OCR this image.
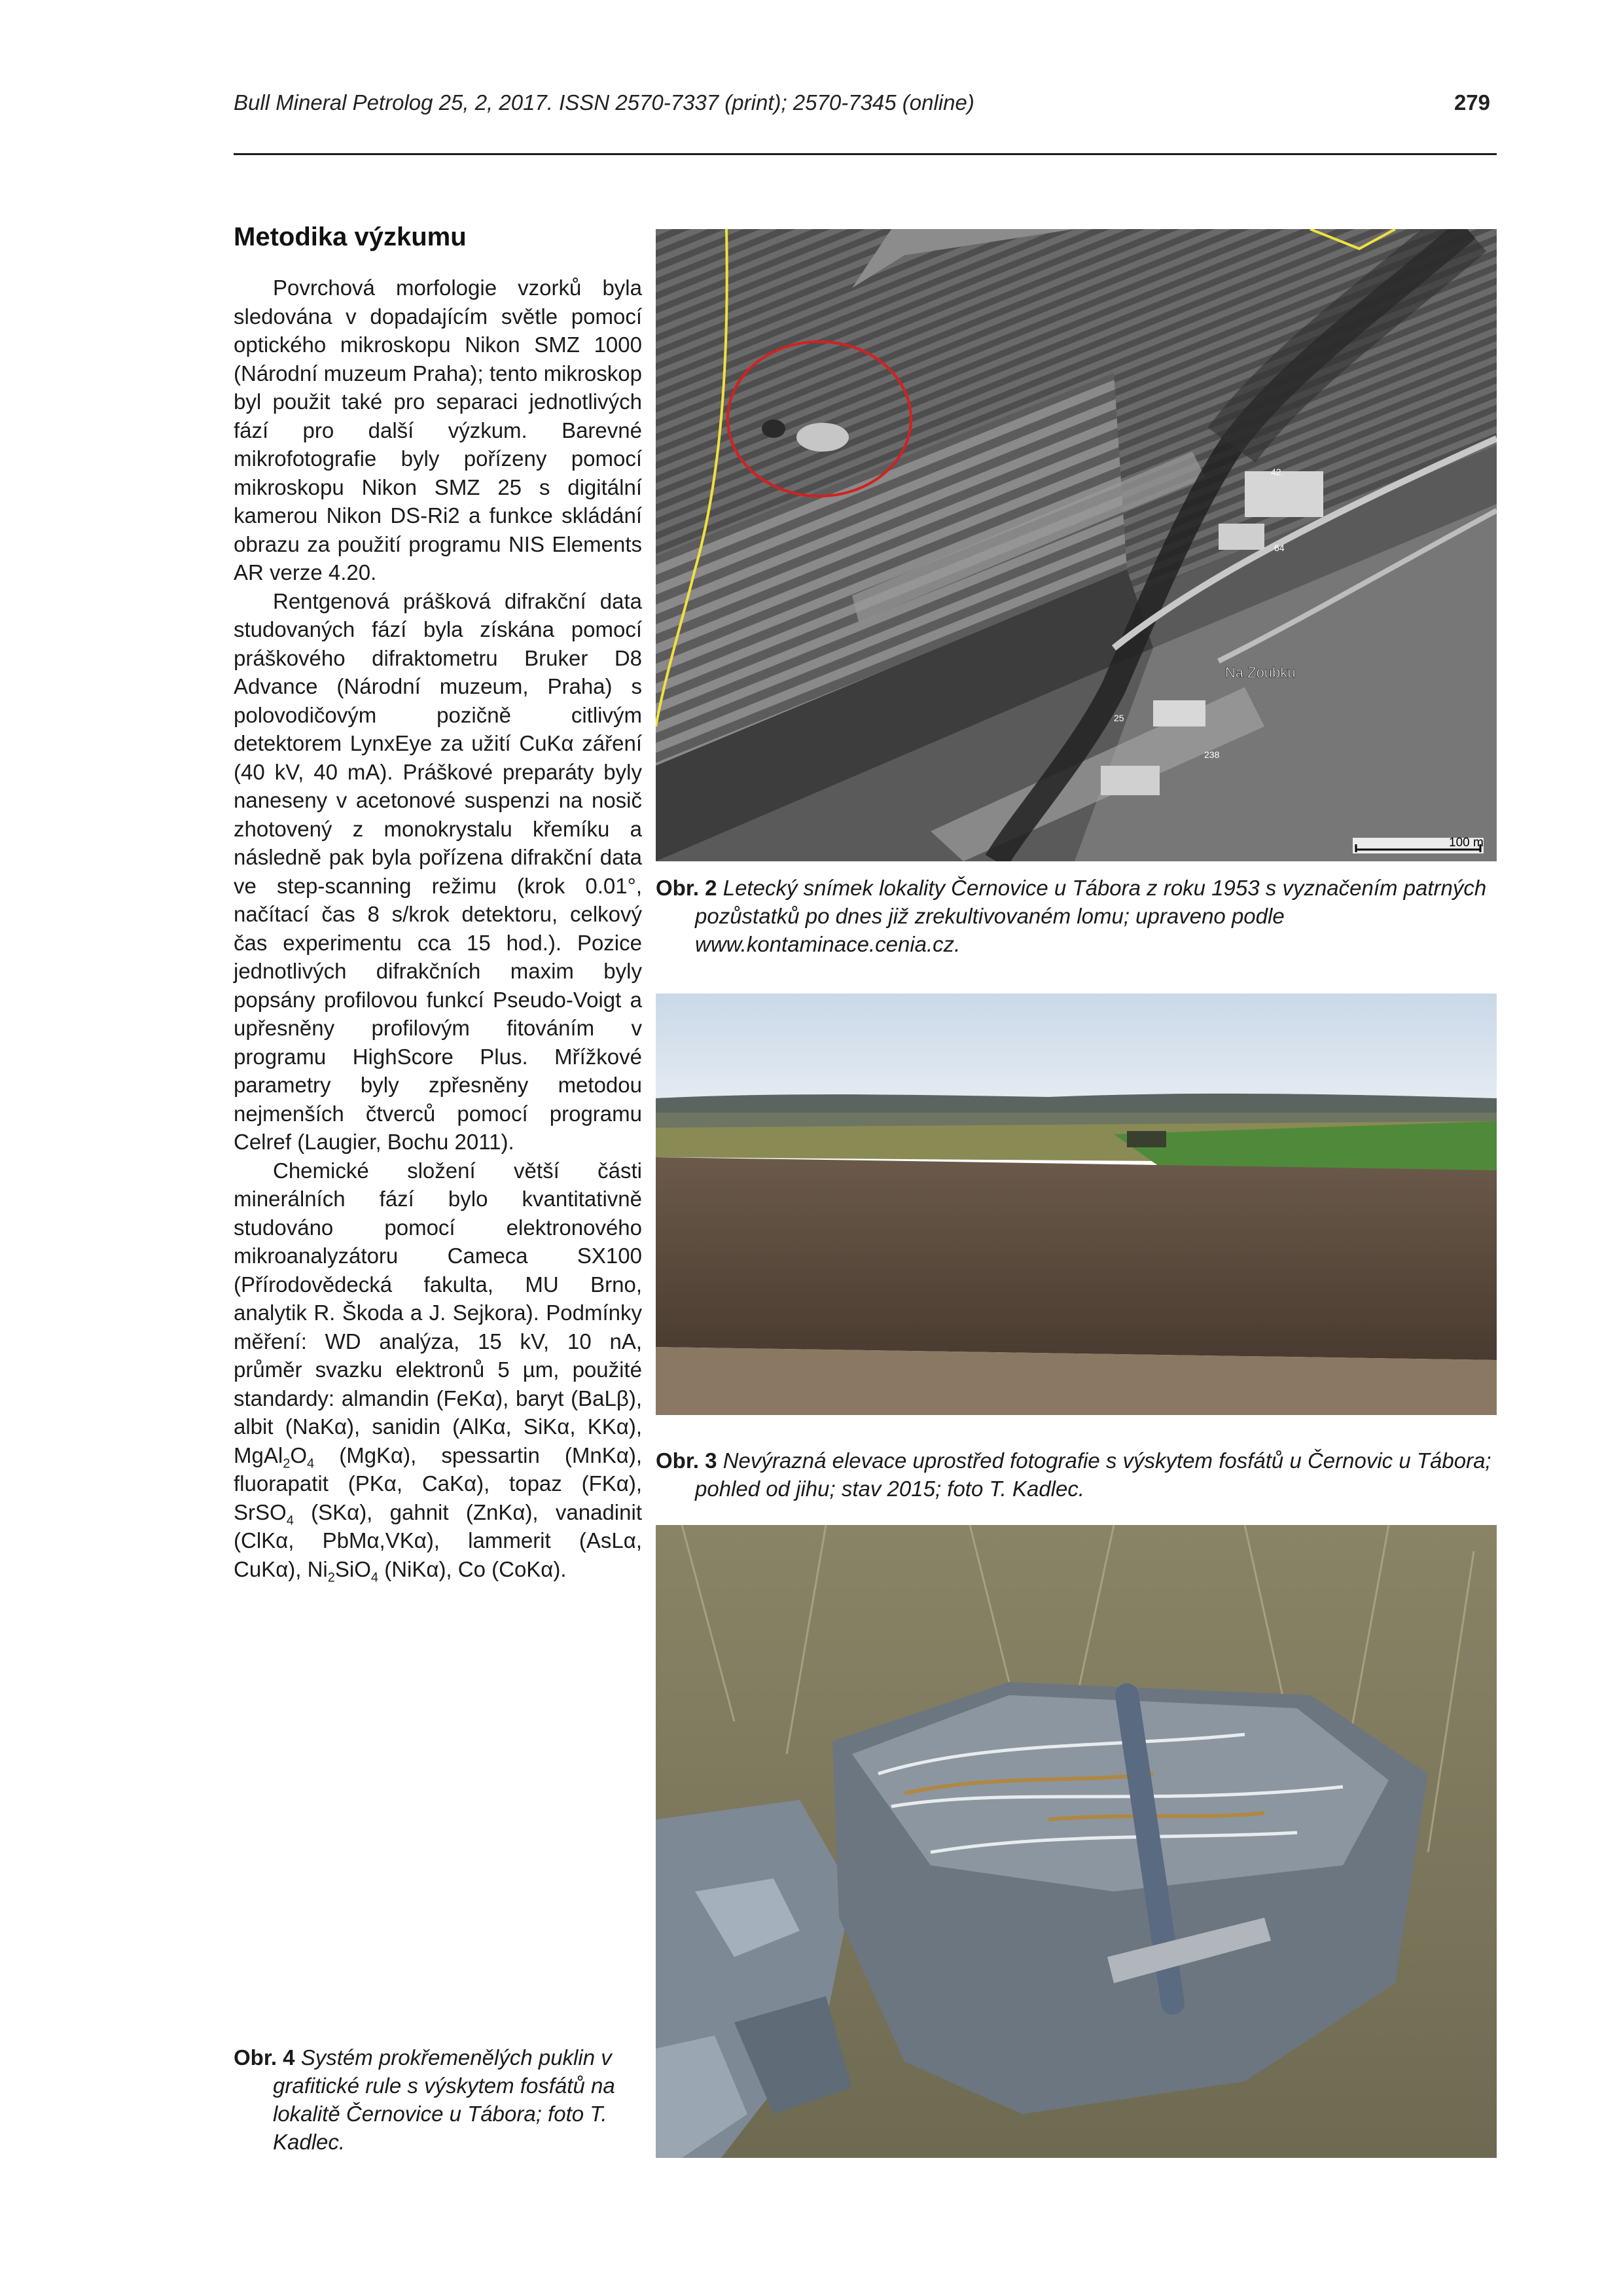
Bull Mineral Petrolog 25, 2, 2017. ISSN 2570-7337 (print); 2570-7345 (online)	279
Metodika výzkumu

Povrchová morfologie vzorků byla sledována v dopadajícím světle pomocí optického mikroskopu Nikon SMZ 1000 (Národní muzeum Praha); tento mikroskop byl použit také pro separaci jednotlivých fází pro další výzkum. Barevné mikrofotografie byly pořízeny pomocí mikroskopu Nikon SMZ 25 s digitální kamerou Nikon DS-Ri2 a funkce skládání obrazu za použití programu NIS Elements AR verze 4.20.

Rentgenová prášková difrakční data studovaných fází byla získána pomocí práškového difraktometru Bruker D8 Advance (Národní muzeum, Praha) s polovodičovým pozičně citlivým detektorem LynxEye za užití CuKα záření (40 kV, 40 mA). Práškové preparáty byly naneseny v acetonové suspenzi na nosič zhotovený z monokrystalu křemíku a následně pak byla pořízena difrakční data ve step-scanning režimu (krok 0.01°, načítací čas 8 s/krok detektoru, celkový čas experimentu cca 15 hod.). Pozice jednotlivých difrakčních maxim byly popsány profilovou funkcí Pseudo-Voigt a upřesněny profilovým fitováním v programu HighScore Plus. Mřížkové parametry byly zpřesněny metodou nejmenších čtverců pomocí programu Celref (Laugier, Bochu 2011).

Chemické složení větší části minerálních fází bylo kvantitativně studováno pomocí elektronového mikroanalyzátoru Cameca SX100 (Přírodovědecká fakulta, MU Brno, analytik R. Škoda a J. Sejkora). Podmínky měření: WD analýza, 15 kV, 10 nA, průměr svazku elektronů 5 µm, použité standardy: almandin (FeKα), baryt (BaLβ), albit (NaKα), sanidin (AlKα, SiKα, KKα), $MgAl_2O_4$ (MgKα), spessartin (MnKα), fluorapatit (PKα, CaKα), topaz (FKα), SrSO$_4$ (SKα), gahnit (ZnKα), vanadinit (ClKα, PbMα,VKα), lammerit (AsLα, CuKα), $Ni_2SiO_4$ (NiKα), Co (CoKα).

Na Zoubku
42
64
25
238
100 m
Obr. 2 Letecký snímek lokality Černovice u Tábora z roku 1953 s vyznačením patrných pozůstatků po dnes již zrekultivovaném lomu; upraveno podle www.kontaminace.cenia.cz.
Obr. 3 Nevýrazná elevace uprostřed fotografie s výskytem fosfátů u Černovic u Tábora; pohled od jihu; stav 2015; foto T. Kadlec.
Obr. 4 Systém prokřemenělých puklin v grafitické rule s výskytem fosfátů na lokalitě Černovice u Tábora; foto T. Kadlec.
